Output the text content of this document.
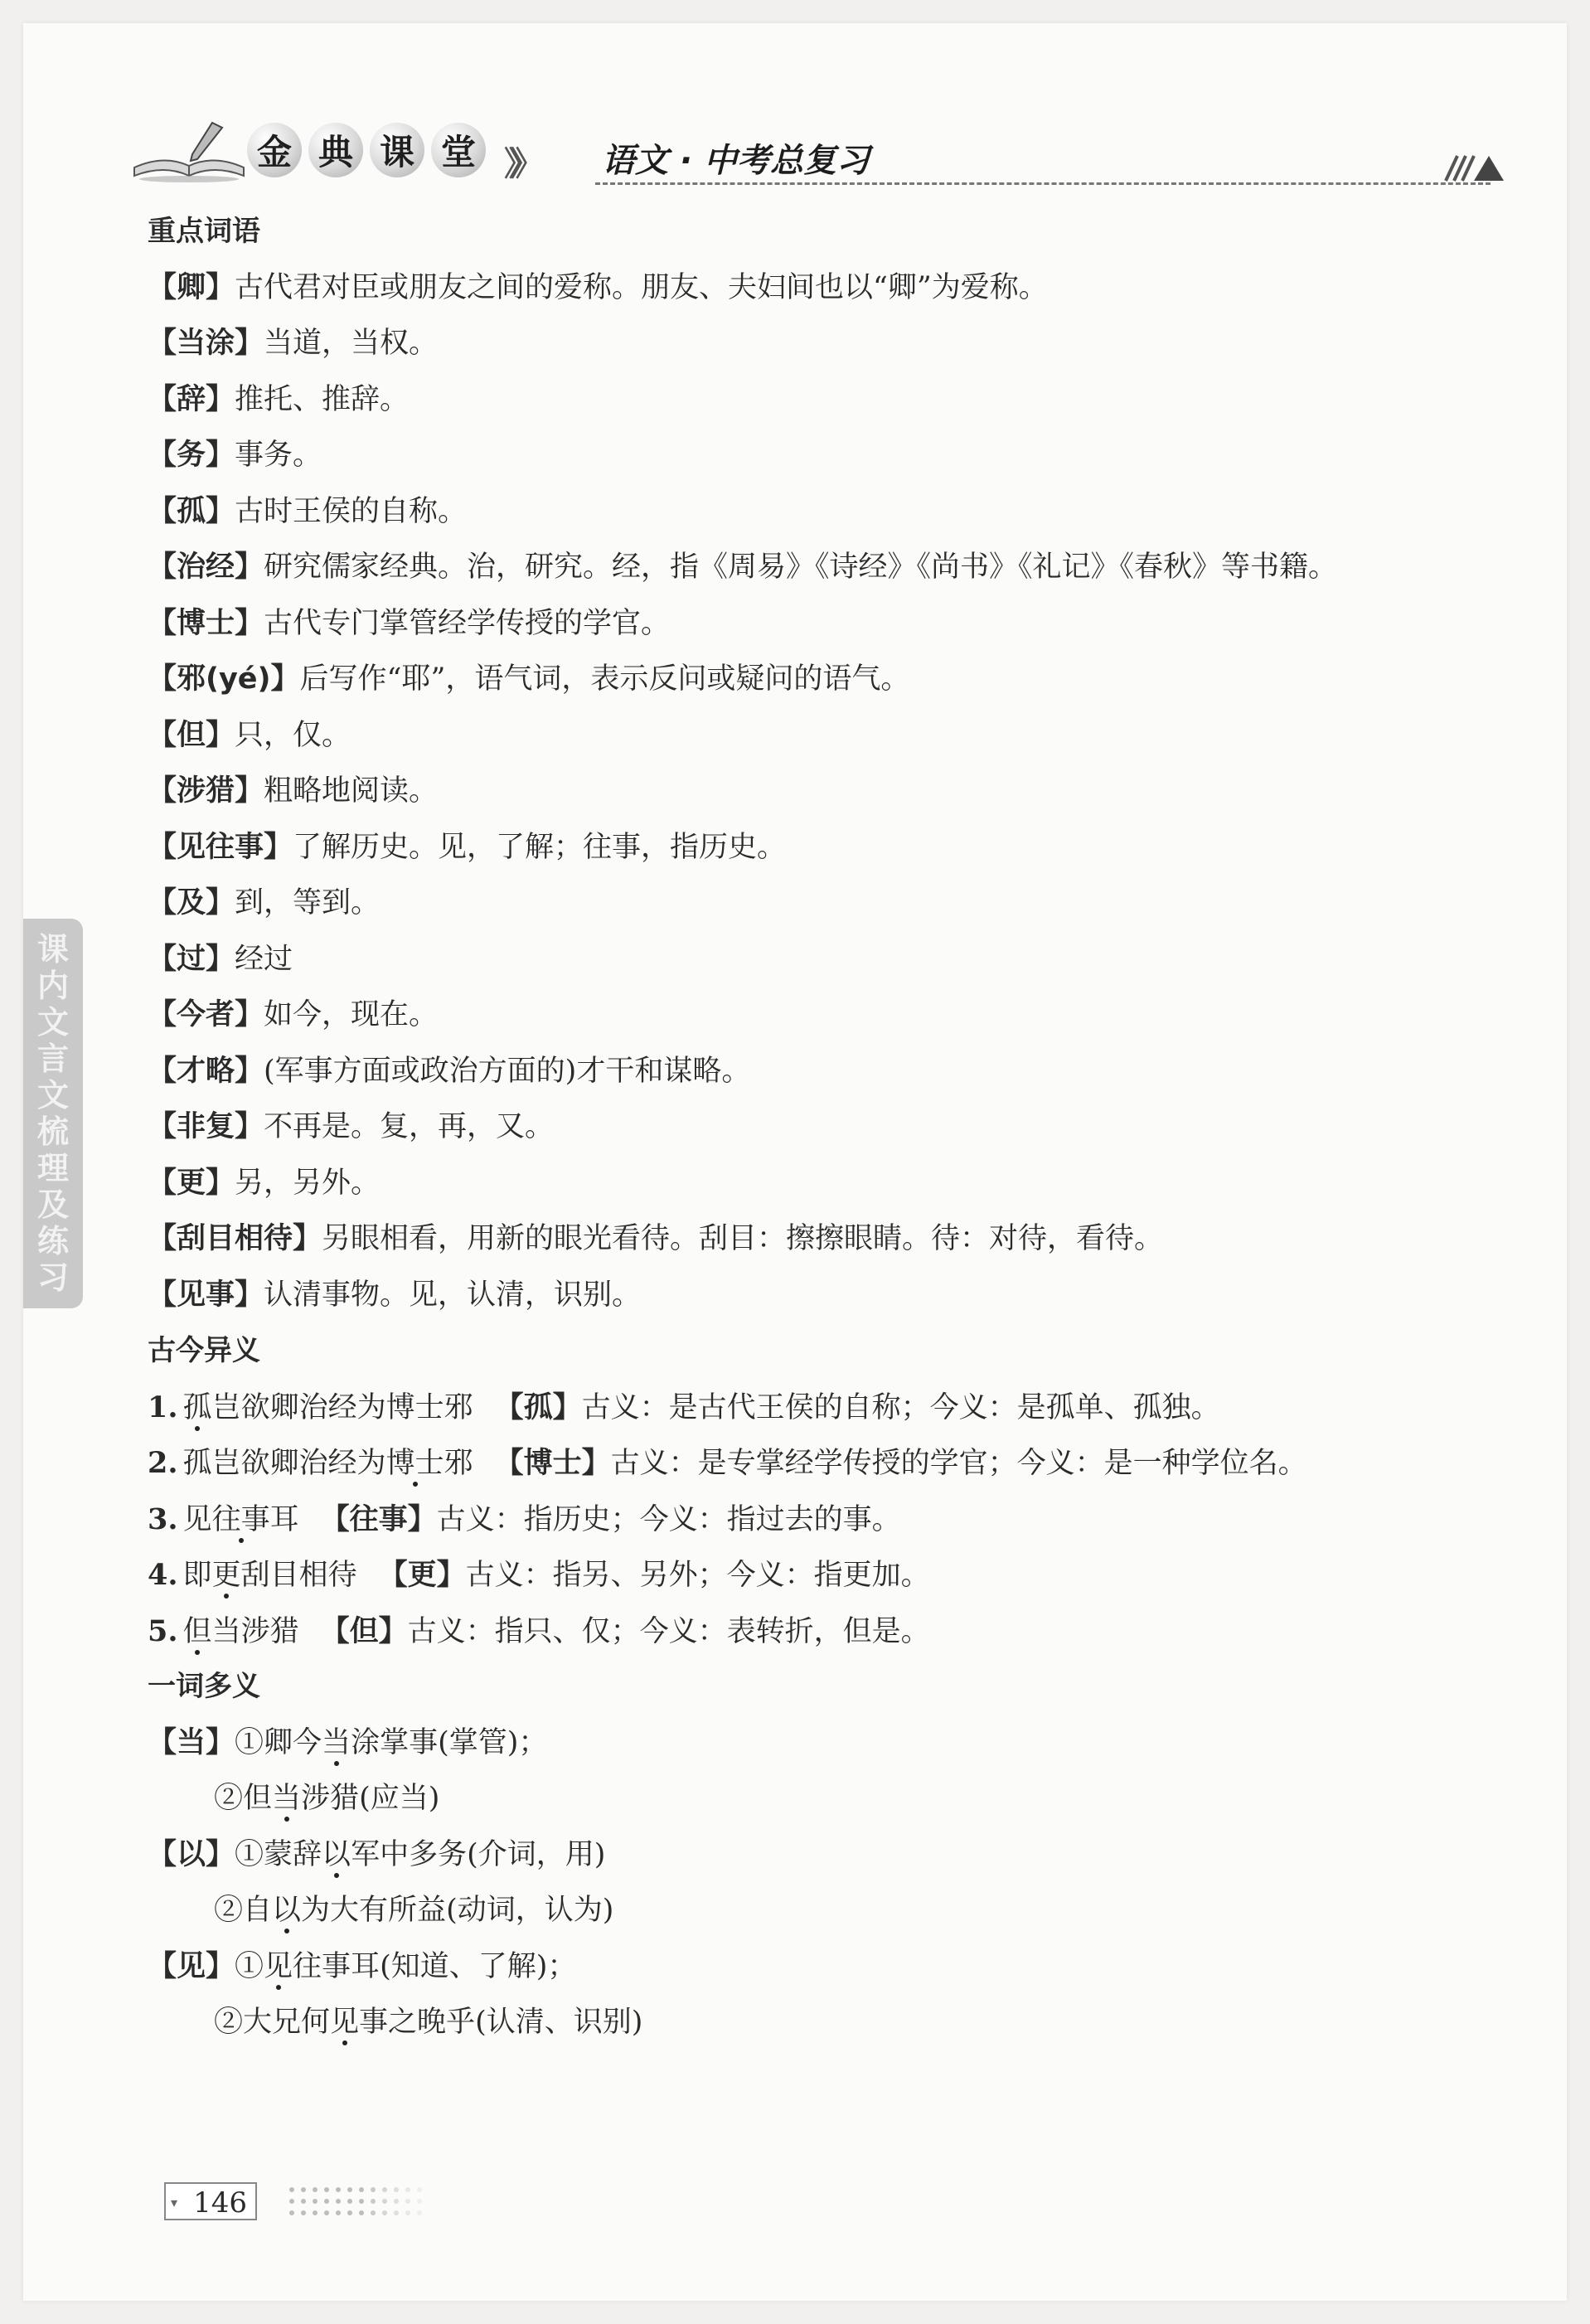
金 典 课 堂 》》 语文 · 中考总复习
课
内
文
言
文
梳
理
及
练
习
重点词语
【卿】古代君对臣或朋友之间的爱称。朋友、夫妇间也以“卿”为爱称。
【当涂】当道，当权。
【辞】推托、推辞。
【务】事务。
【孤】古时王侯的自称。
【治经】研究儒家经典。治，研究。经，指《周易》《诗经》《尚书》《礼记》《春秋》等书籍。
【博士】古代专门掌管经学传授的学官。
【邪(yé)】后写作“耶”，语气词，表示反问或疑问的语气。
【但】只，仅。
【涉猎】粗略地阅读。
【见往事】了解历史。见，了解；往事，指历史。
【及】到，等到。
【过】经过
【今者】如今，现在。
【才略】(军事方面或政治方面的)才干和谋略。
【非复】不再是。复，再，又。
【更】另，另外。
【刮目相待】另眼相看，用新的眼光看待。刮目：擦擦眼睛。待：对待，看待。
【见事】认清事物。见，认清，识别。
古今异义
1. 孤岂欲卿治经为博士邪 【孤】古义：是古代王侯的自称；今义：是孤单、孤独。
2. 孤岂欲卿治经为博士邪 【博士】古义：是专掌经学传授的学官；今义：是一种学位名。
3. 见往事耳 【往事】古义：指历史；今义：指过去的事。
4. 即更刮目相待 【更】古义：指另、另外；今义：指更加。
5. 但当涉猎 【但】古义：指只、仅；今义：表转折，但是。
一词多义
【当】①卿今当涂掌事(掌管)；
②但当涉猎(应当)
【以】①蒙辞以军中多务(介词，用)
②自以为大有所益(动词，认为)
【见】①见往事耳(知道、了解)；
②大兄何见事之晚乎(认清、识别)
▾ 146
